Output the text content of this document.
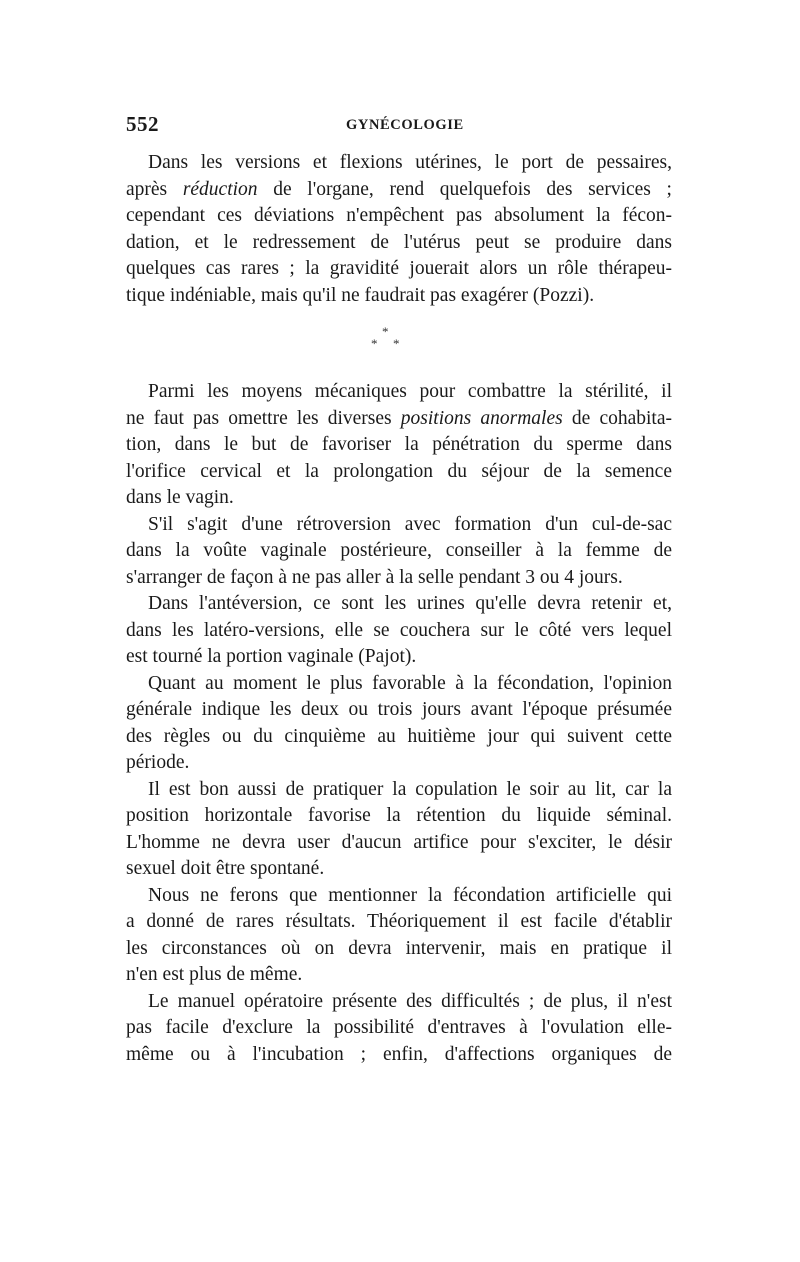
552	GYNÉCOLOGIE
Dans les versions et flexions utérines, le port de pessaires,
après réduction de l'organe, rend quelquefois des services ;
cependant ces déviations n'empêchent pas absolument la fécon-
dation, et le redressement de l'utérus peut se produire dans
quelques cas rares ; la gravidité jouerait alors un rôle thérapeu-
tique indéniable, mais qu'il ne faudrait pas exagérer (Pozzi).
*
* *
Parmi les moyens mécaniques pour combattre la stérilité, il
ne faut pas omettre les diverses positions anormales de cohabita-
tion, dans le but de favoriser la pénétration du sperme dans
l'orifice cervical et la prolongation du séjour de la semence
dans le vagin.
S'il s'agit d'une rétroversion avec formation d'un cul-de-sac
dans la voûte vaginale postérieure, conseiller à la femme de
s'arranger de façon à ne pas aller à la selle pendant 3 ou 4 jours.
Dans l'antéversion, ce sont les urines qu'elle devra retenir et,
dans les latéro-versions, elle se couchera sur le côté vers lequel
est tourné la portion vaginale (Pajot).
Quant au moment le plus favorable à la fécondation, l'opinion
générale indique les deux ou trois jours avant l'époque présumée
des règles ou du cinquième au huitième jour qui suivent cette
période.
Il est bon aussi de pratiquer la copulation le soir au lit, car la
position horizontale favorise la rétention du liquide séminal.
L'homme ne devra user d'aucun artifice pour s'exciter, le désir
sexuel doit être spontané.
Nous ne ferons que mentionner la fécondation artificielle qui
a donné de rares résultats. Théoriquement il est facile d'établir
les circonstances où on devra intervenir, mais en pratique il
n'en est plus de même.
Le manuel opératoire présente des difficultés ; de plus, il n'est
pas facile d'exclure la possibilité d'entraves à l'ovulation elle-
même ou à l'incubation ; enfin, d'affections organiques de
